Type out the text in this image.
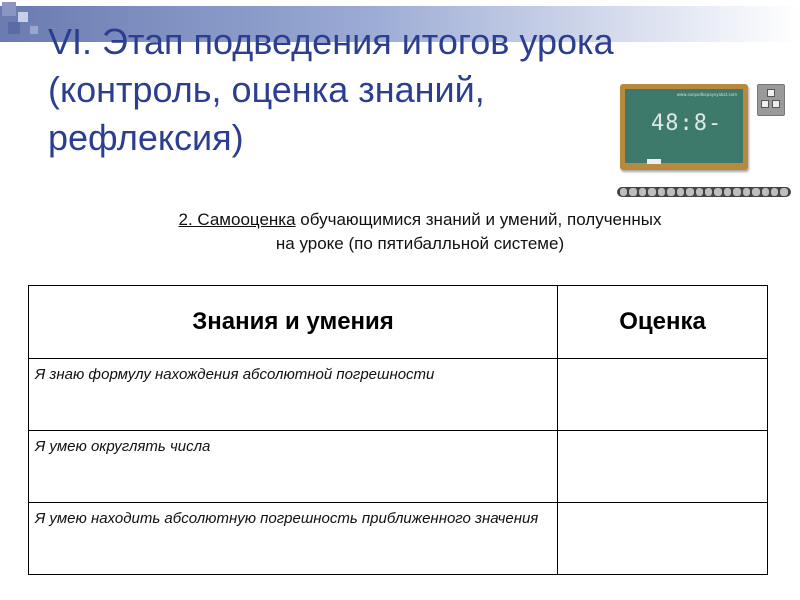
VI. Этап подведения итогов урока
(контроль, оценка знаний,
рефлексия)
www.sanpodkopaysyakat.com
48:8-
2. Самооценка обучающимися знаний и умений, полученных
на уроке (по пятибалльной системе)
Знания и умения	Оценка
Я знаю формулу нахождения абсолютной погрешности	
Я умею округлять числа	
Я умею находить абсолютную погрешность приближенного значения	
